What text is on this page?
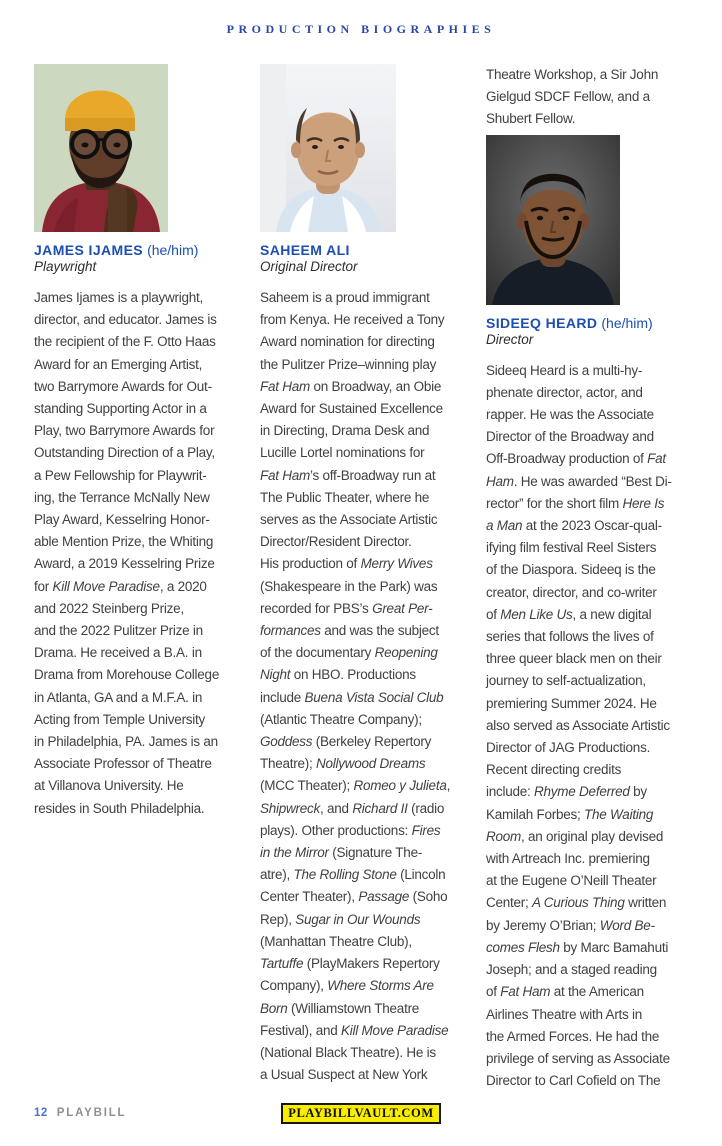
PRODUCTION BIOGRAPHIES
JAMES IJAMES (he/him)
Playwright
James Ijames is a playwright,
director, and educator. James is
the recipient of the F. Otto Haas
Award for an Emerging Artist,
two Barrymore Awards for Out-
standing Supporting Actor in a
Play, two Barrymore Awards for
Outstanding Direction of a Play,
a Pew Fellowship for Playwrit-
ing, the Terrance McNally New
Play Award, Kesselring Honor-
able Mention Prize, the Whiting
Award, a 2019 Kesselring Prize
for Kill Move Paradise, a 2020
and 2022 Steinberg Prize,
and the 2022 Pulitzer Prize in
Drama. He received a B.A. in
Drama from Morehouse College
in Atlanta, GA and a M.F.A. in
Acting from Temple University
in Philadelphia, PA. James is an
Associate Professor of Theatre
at Villanova University. He
resides in South Philadelphia.
SAHEEM ALI
Original Director
Saheem is a proud immigrant
from Kenya. He received a Tony
Award nomination for directing
the Pulitzer Prize–winning play
Fat Ham on Broadway, an Obie
Award for Sustained Excellence
in Directing, Drama Desk and
Lucille Lortel nominations for
Fat Ham’s off-Broadway run at
The Public Theater, where he
serves as the Associate Artistic
Director/Resident Director.
His production of Merry Wives
(Shakespeare in the Park) was
recorded for PBS’s Great Per-
formances and was the subject
of the documentary Reopening
Night on HBO. Productions
include Buena Vista Social Club
(Atlantic Theatre Company);
Goddess (Berkeley Repertory
Theatre); Nollywood Dreams
(MCC Theater); Romeo y Julieta,
Shipwreck, and Richard II (radio
plays). Other productions: Fires
in the Mirror (Signature The-
atre), The Rolling Stone (Lincoln
Center Theater), Passage (Soho
Rep), Sugar in Our Wounds
(Manhattan Theatre Club),
Tartuffe (PlayMakers Repertory
Company), Where Storms Are
Born (Williamstown Theatre
Festival), and Kill Move Paradise
(National Black Theatre). He is
a Usual Suspect at New York
Theatre Workshop, a Sir John
Gielgud SDCF Fellow, and a
Shubert Fellow.
SIDEEQ HEARD (he/him)
Director
Sideeq Heard is a multi-hy-
phenate director, actor, and
rapper. He was the Associate
Director of the Broadway and
Off-Broadway production of Fat
Ham. He was awarded “Best Di-
rector” for the short film Here Is
a Man at the 2023 Oscar-qual-
ifying film festival Reel Sisters
of the Diaspora. Sideeq is the
creator, director, and co-writer
of Men Like Us, a new digital
series that follows the lives of
three queer black men on their
journey to self-actualization,
premiering Summer 2024. He
also served as Associate Artistic
Director of JAG Productions.
Recent directing credits
include: Rhyme Deferred by
Kamilah Forbes; The Waiting
Room, an original play devised
with Artreach Inc. premiering
at the Eugene O’Neill Theater
Center; A Curious Thing written
by Jeremy O’Brian; Word Be-
comes Flesh by Marc Bamahuti
Joseph; and a staged reading
of Fat Ham at the American
Airlines Theatre with Arts in
the Armed Forces. He had the
privilege of serving as Associate
Director to Carl Cofield on The
12 PLAYBILL	PLAYBILLVAULT.COM
